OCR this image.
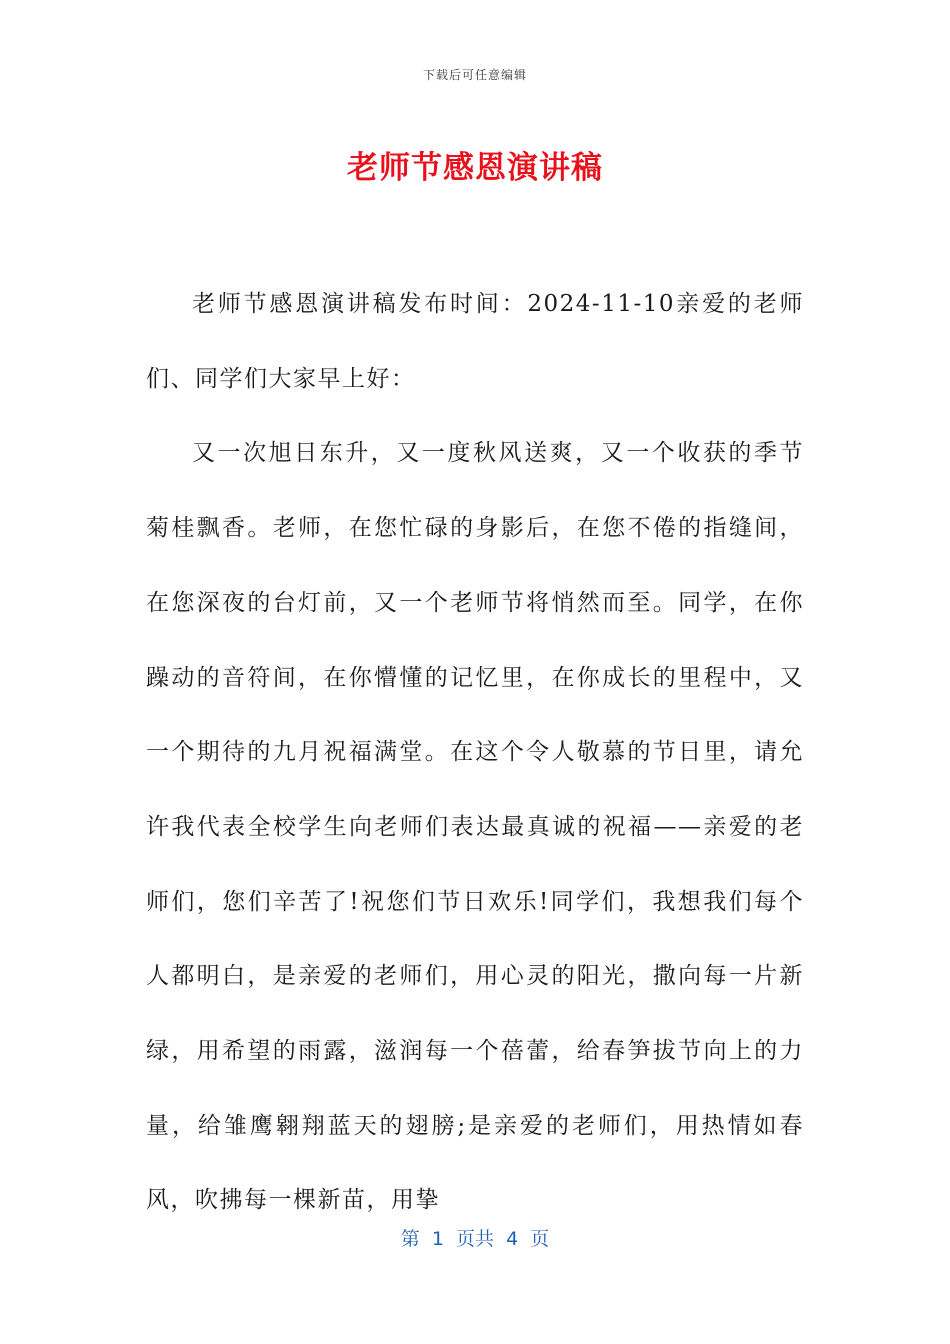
下载后可任意编辑
老师节感恩演讲稿

老师节感恩演讲稿发布时间：2024-11-10亲爱的老师们、同学们大家早上好：

又一次旭日东升，又一度秋风送爽，又一个收获的季节菊桂飘香。老师，在您忙碌的身影后，在您不倦的指缝间，在您深夜的台灯前，又一个老师节将悄然而至。同学，在你躁动的音符间，在你懵懂的记忆里，在你成长的里程中，又一个期待的九月祝福满堂。在这个令人敬慕的节日里，请允许我代表全校学生向老师们表达最真诚的祝福——亲爱的老师们，您们辛苦了!祝您们节日欢乐!同学们，我想我们每个人都明白，是亲爱的老师们，用心灵的阳光，撒向每一片新绿，用希望的雨露，滋润每一个蓓蕾，给春笋拔节向上的力量，给雏鹰翱翔蓝天的翅膀;是亲爱的老师们，用热情如春风，吹拂每一棵新苗，用挚

第  1  页共  4  页
